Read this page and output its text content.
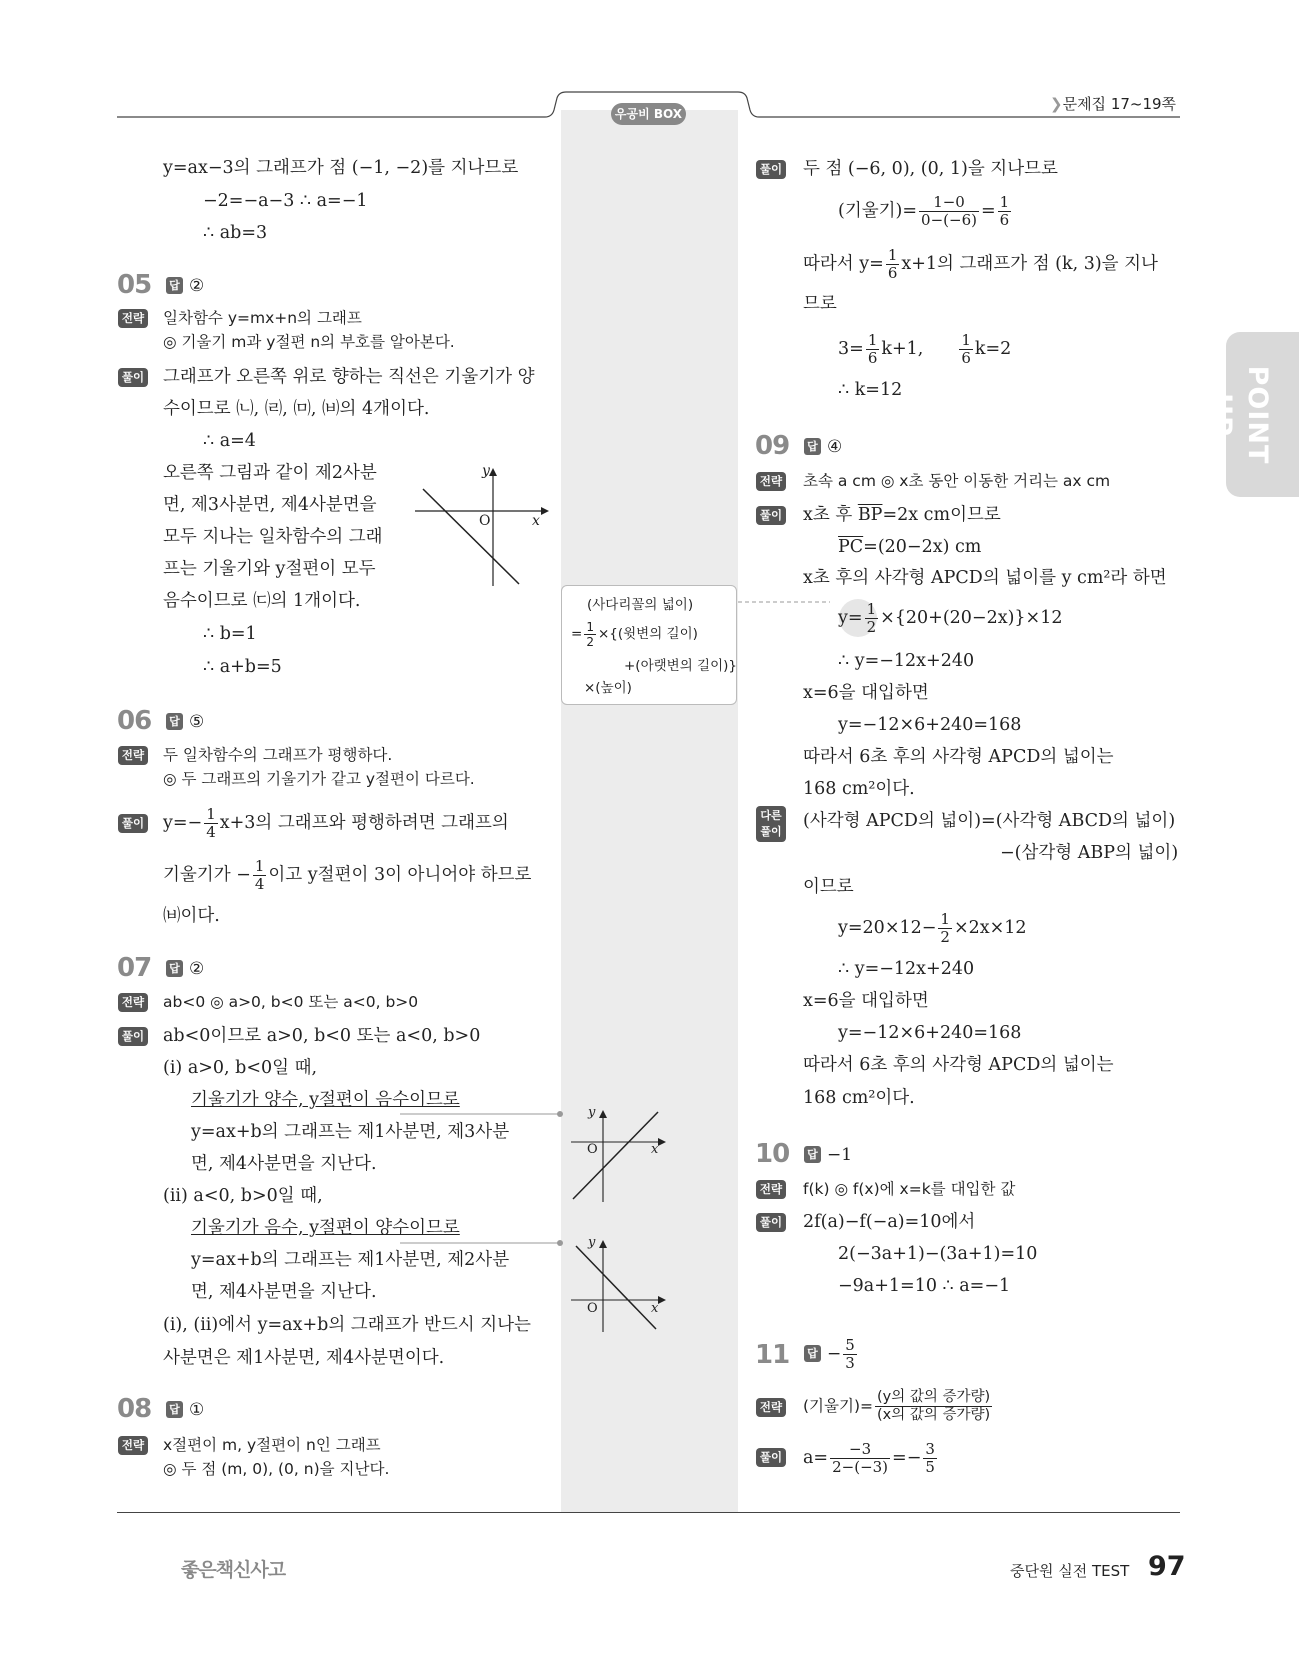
우공비 BOX
❯문제집 17~19쪽
POINT UP
y=ax−3의 그래프가 점 (−1, −2)를 지나므로
−2=−a−3 ∴ a=−1
∴ ab=3
05 답 ②
전략 일차함수 y=mx+n의 그래프
◎ 기울기 m과 y절편 n의 부호를 알아본다.
풀이 그래프가 오른쪽 위로 향하는 직선은 기울기가 양
수이므로 ㈁, ㈃, ㈄, ㈅의 4개이다.
∴ a=4
오른쪽 그림과 같이 제2사분
면, 제3사분면, 제4사분면을
모두 지나는 일차함수의 그래
프는 기울기와 y절편이 모두
음수이므로 ㈂의 1개이다.
∴ b=1
∴ a+b=5
y
O	x
06 답 ⑤
전략 두 일차함수의 그래프가 평행하다.
◎ 두 그래프의 기울기가 같고 y절편이 다르다.
풀이 $y=- \frac{1}{4} x+3$의 그래프와 평행하려면 그래프의
기울기가 − $\frac{1}{4}$ 이고 y절편이 3이 아니어야 하므로
㈅이다.
07 답 ②
전략 ab<0 ◎ a>0, b<0 또는 a<0, b>0
풀이 ab<0이므로 a>0, b<0 또는 a<0, b>0
(i) a>0, b<0일 때,
기울기가 양수, y절편이 음수이므로
y=ax+b의 그래프는 제1사분면, 제3사분
면, 제4사분면을 지난다.
(ii) a<0, b>0일 때,
기울기가 음수, y절편이 양수이므로
y=ax+b의 그래프는 제1사분면, 제2사분
면, 제4사분면을 지난다.
(i), (ii)에서 y=ax+b의 그래프가 반드시 지나는
사분면은 제1사분면, 제4사분면이다.
y
O	x
y
O	x
08 답 ①
전략 x절편이 m, y절편이 n인 그래프
◎ 두 점 (m, 0), (0, n)을 지난다.
(사다리꼴의 넓이)
= $\frac{1}{2}$ ×{(윗변의 길이)
+(아랫변의 길이)}
×(높이)
풀이 두 점 (−6, 0), (0, 1)을 지나므로
(기울기)= $\frac{1-0}{0-(-6)} = \frac{1}{6}$
따라서 $y= \frac{1}{6} x+1$의 그래프가 점 (k, 3)을 지나
므로
$3= \frac{1}{6} k+1$, $\frac{1}{6} k=2$
∴ k=12
09 답 ④
전략 초속 a cm ◎ x초 동안 이동한 거리는 ax cm
풀이 x초 후 $\overline{BP}=2x$ cm이므로
$\overline{PC}=(20-2x)$ cm
x초 후의 사각형 APCD의 넓이를 y cm²라 하면
$y= \frac{1}{2} \times\{20+(20-2x)\}\times 12$
∴ y=−12x+240
x=6을 대입하면
y=−12×6+240=168
따라서 6초 후의 사각형 APCD의 넓이는
168 cm²이다.
다른
풀이
(사각형 APCD의 넓이)=(사각형 ABCD의 넓이)
−(삼각형 ABP의 넓이)
이므로
$y=20\times 12- \frac{1}{2} \times 2x\times 12$
∴ y=−12x+240
x=6을 대입하면
y=−12×6+240=168
따라서 6초 후의 사각형 APCD의 넓이는
168 cm²이다.
10 답 −1
전략 f(k) ◎ f(x)에 x=k를 대입한 값
풀이 2f(a)−f(−a)=10에서
2(−3a+1)−(3a+1)=10
−9a+1=10 ∴ a=−1
11 답 − $\frac{5}{3}$
전략 (기울기)= $\frac{\text{(y의 값의 증가량)}}{\text{(x의 값의 증가량)}}$
풀이 $a= \frac{-3}{2-(-3)} =- \frac{3}{5}$
좋은책신사고	중단원 실전 TEST 97
